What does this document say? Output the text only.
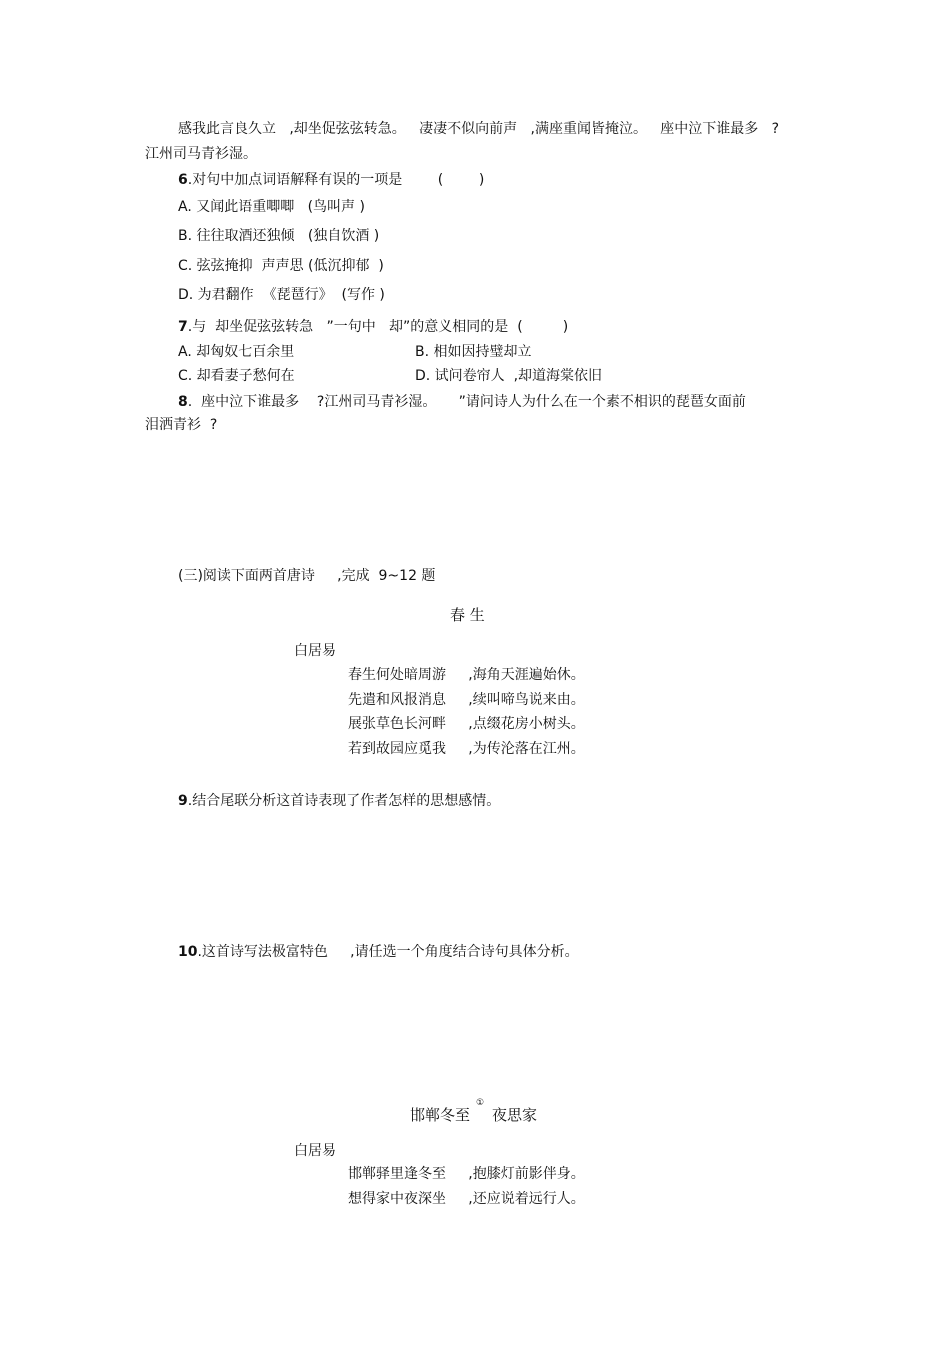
感我此言良久立   ,却坐促弦弦转急。   凄凄不似向前声   ,满座重闻皆掩泣。   座中泣下谁最多   ?
江州司马青衫湿。
6.对句中加点词语解释有误的一项是        (        )
A. 又闻此语重唧唧   (鸟叫声 )
B. 往往取酒还独倾   (独自饮酒 )
C. 弦弦掩抑  声声思 (低沉抑郁  )
D. 为君翻作  《琵琶行》  (写作 )
7.与  却坐促弦弦转急   ”一句中   却”的意义相同的是  (         )
A. 却匈奴七百余里	B. 相如因持璧却立
C. 却看妻子愁何在	D. 试问卷帘人  ,却道海棠依旧
8.  座中泣下谁最多    ?江州司马青衫湿。     ”请问诗人为什么在一个素不相识的琵琶女面前
泪洒青衫  ?
(三)阅读下面两首唐诗     ,完成  9~12 题
春 生
白居易
春生何处暗周游     ,海角天涯遍始休。
先遣和风报消息     ,续叫啼鸟说来由。
展张草色长河畔     ,点缀花房小树头。
若到故园应觅我     ,为传沦落在江州。
9.结合尾联分析这首诗表现了作者怎样的思想感情。
10.这首诗写法极富特色     ,请任选一个角度结合诗句具体分析。
邯郸冬至
①
夜思家
白居易
邯郸驿里逢冬至     ,抱膝灯前影伴身。
想得家中夜深坐     ,还应说着远行人。
